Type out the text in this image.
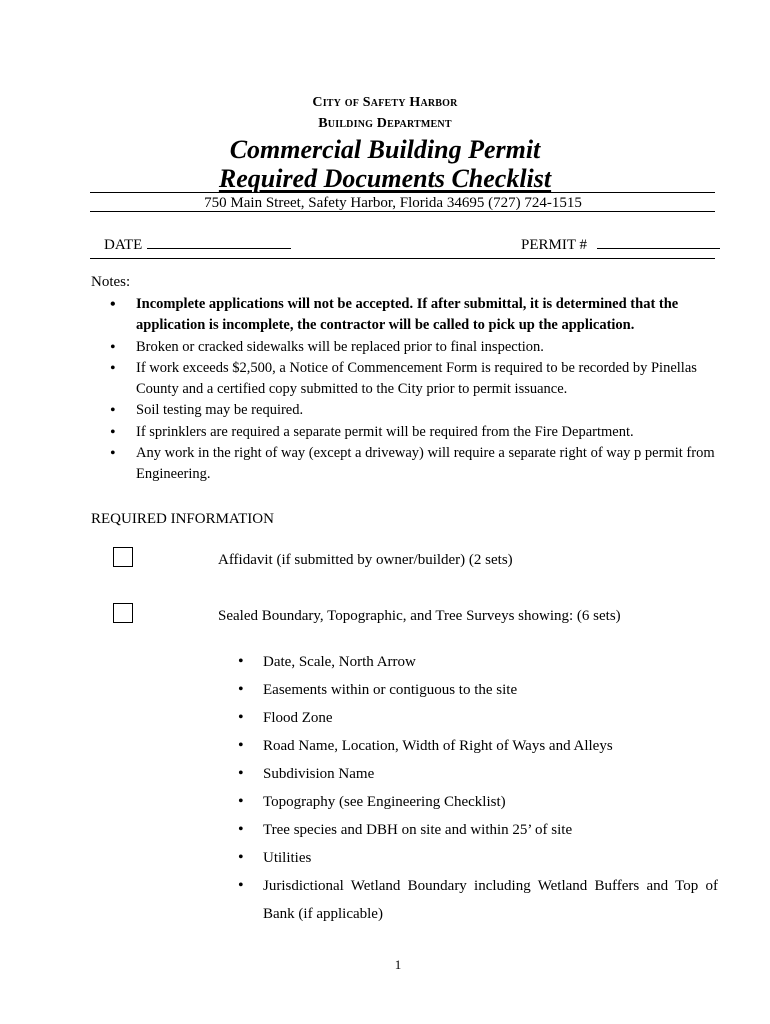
City of Safety Harbor
Building Department
Commercial Building Permit
Required Documents Checklist
750 Main Street, Safety Harbor, Florida 34695 (727) 724-1515
DATE	PERMIT #
Notes:
• Incomplete applications will not be accepted. If after submittal, it is determined that the application is incomplete, the contractor will be called to pick up the application.
• Broken or cracked sidewalks will be replaced prior to final inspection.
• If work exceeds $2,500, a Notice of Commencement Form is required to be recorded by Pinellas County and a certified copy submitted to the City prior to permit issuance.
• Soil testing may be required.
• If sprinklers are required a separate permit will be required from the Fire Department.
• Any work in the right of way (except a driveway) will require a separate right of way p permit from Engineering.
REQUIRED INFORMATION
Affidavit (if submitted by owner/builder) (2 sets)
Sealed Boundary, Topographic, and Tree Surveys showing: (6 sets)
• Date, Scale, North Arrow
• Easements within or contiguous to the site
• Flood Zone
• Road Name, Location, Width of Right of Ways and Alleys
• Subdivision Name
• Topography (see Engineering Checklist)
• Tree species and DBH on site and within 25’ of site
• Utilities
• Jurisdictional Wetland Boundary including Wetland Buffers and Top of Bank (if applicable)
1
